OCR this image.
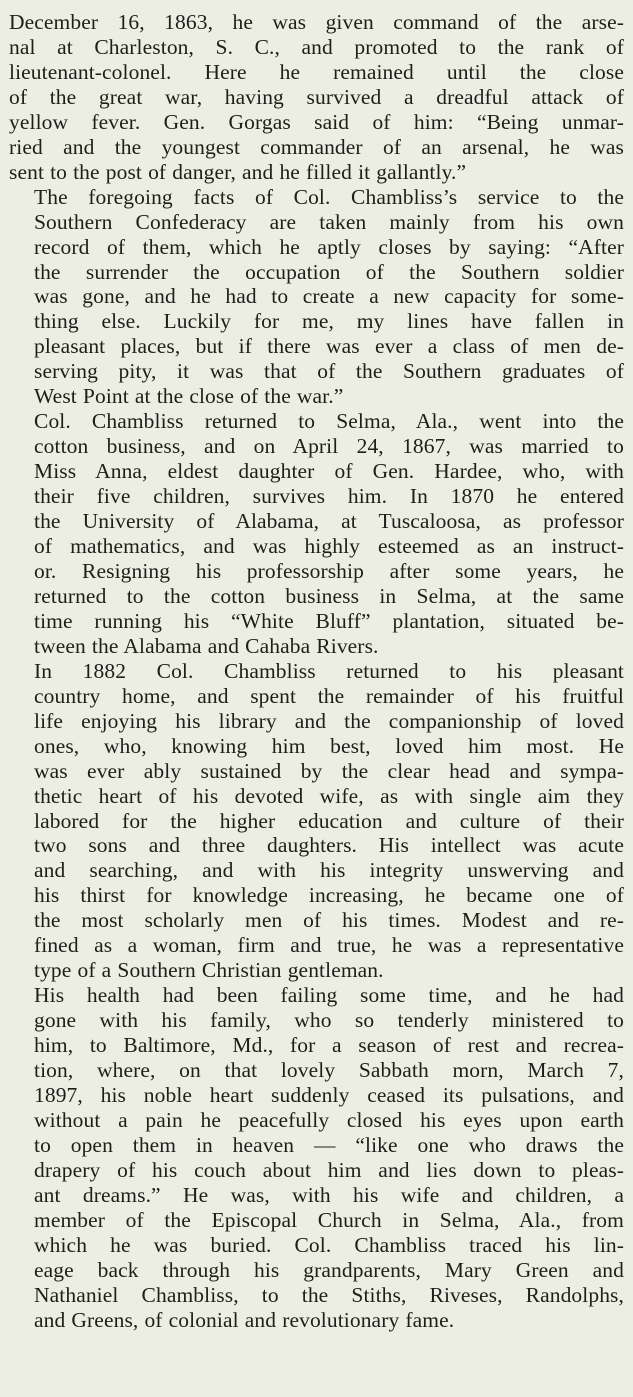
December 16, 1863, he was given command of the arse-
nal at Charleston, S. C., and promoted to the rank of
lieutenant-colonel. Here he remained until the close
of the great war, having survived a dreadful attack of
yellow fever. Gen. Gorgas said of him: “Being unmar-
ried and the youngest commander of an arsenal, he was
sent to the post of danger, and he filled it gallantly.”

The foregoing facts of Col. Chambliss’s service to the
Southern Confederacy are taken mainly from his own
record of them, which he aptly closes by saying: “After
the surrender the occupation of the Southern soldier
was gone, and he had to create a new capacity for some-
thing else. Luckily for me, my lines have fallen in
pleasant places, but if there was ever a class of men de-
serving pity, it was that of the Southern graduates of
West Point at the close of the war.”

Col. Chambliss returned to Selma, Ala., went into the
cotton business, and on April 24, 1867, was married to
Miss Anna, eldest daughter of Gen. Hardee, who, with
their five children, survives him. In 1870 he entered
the University of Alabama, at Tuscaloosa, as professor
of mathematics, and was highly esteemed as an instruct-
or. Resigning his professorship after some years, he
returned to the cotton business in Selma, at the same
time running his “White Bluff” plantation, situated be-
tween the Alabama and Cahaba Rivers.

In 1882 Col. Chambliss returned to his pleasant
country home, and spent the remainder of his fruitful
life enjoying his library and the companionship of loved
ones, who, knowing him best, loved him most. He
was ever ably sustained by the clear head and sympa-
thetic heart of his devoted wife, as with single aim they
labored for the higher education and culture of their
two sons and three daughters. His intellect was acute
and searching, and with his integrity unswerving and
his thirst for knowledge increasing, he became one of
the most scholarly men of his times. Modest and re-
fined as a woman, firm and true, he was a representative
type of a Southern Christian gentleman.

His health had been failing some time, and he had
gone with his family, who so tenderly ministered to
him, to Baltimore, Md., for a season of rest and recrea-
tion, where, on that lovely Sabbath morn, March 7,
1897, his noble heart suddenly ceased its pulsations, and
without a pain he peacefully closed his eyes upon earth
to open them in heaven — “like one who draws the
drapery of his couch about him and lies down to pleas-
ant dreams.” He was, with his wife and children, a
member of the Episcopal Church in Selma, Ala., from
which he was buried. Col. Chambliss traced his lin-
eage back through his grandparents, Mary Green and
Nathaniel Chambliss, to the Stiths, Riveses, Randolphs,
and Greens, of colonial and revolutionary fame.
